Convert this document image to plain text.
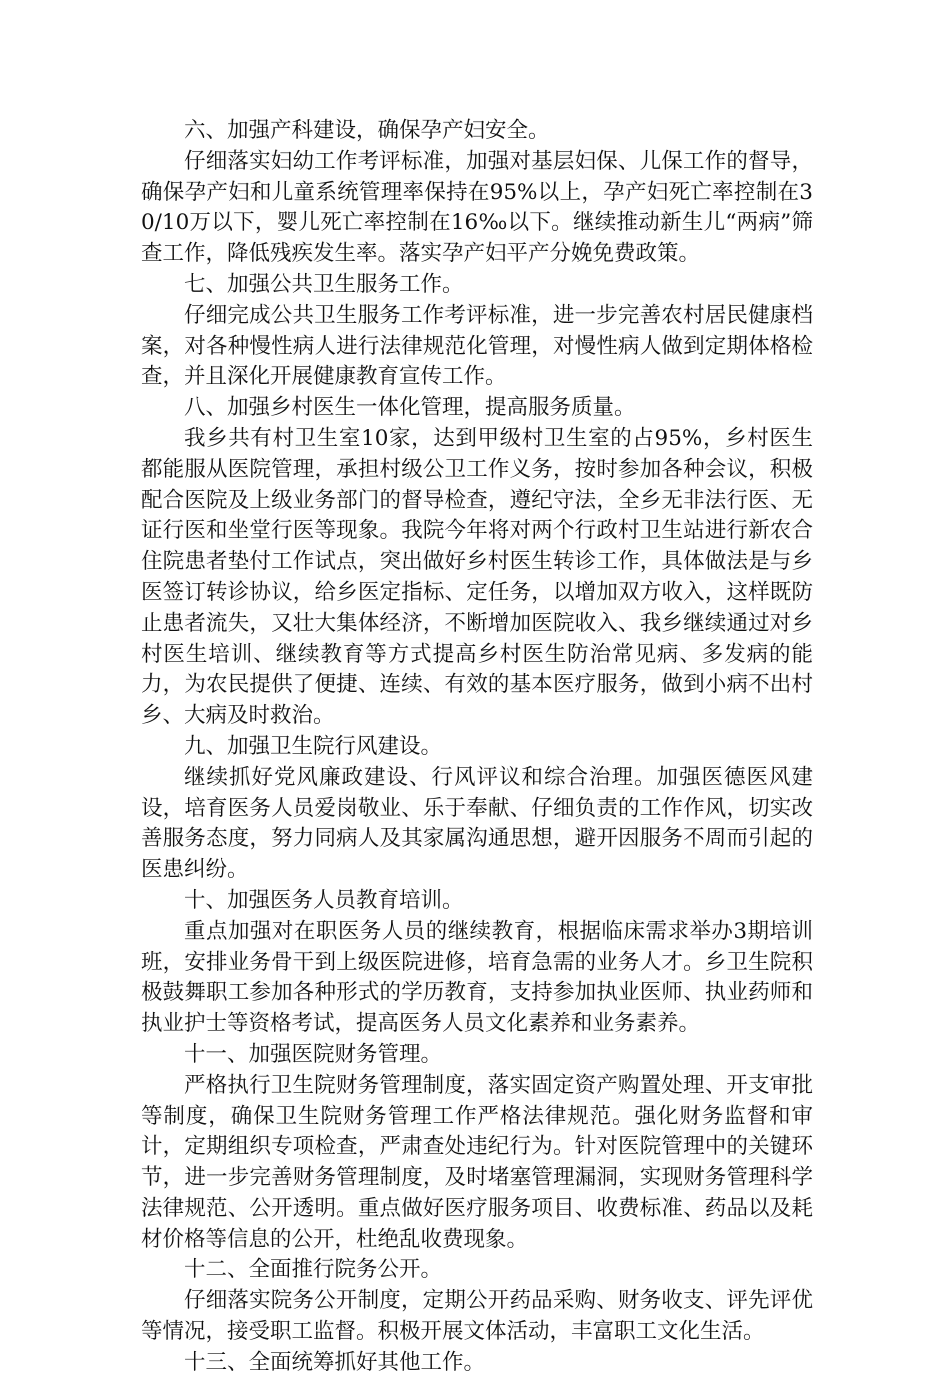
六、加强产科建设，确保孕产妇安全。

仔细落实妇幼工作考评标准，加强对基层妇保、儿保工作的督导，确保孕产妇和儿童系统管理率保持在95%以上，孕产妇死亡率控制在30/10万以下，婴儿死亡率控制在16‰以下。继续推动新生儿“两病”筛查工作，降低残疾发生率。落实孕产妇平产分娩免费政策。

七、加强公共卫生服务工作。

仔细完成公共卫生服务工作考评标准，进一步完善农村居民健康档案，对各种慢性病人进行法律规范化管理，对慢性病人做到定期体格检查，并且深化开展健康教育宣传工作。

八、加强乡村医生一体化管理，提高服务质量。

我乡共有村卫生室10家，达到甲级村卫生室的占95%，乡村医生都能服从医院管理，承担村级公卫工作义务，按时参加各种会议，积极配合医院及上级业务部门的督导检查，遵纪守法，全乡无非法行医、无证行医和坐堂行医等现象。我院今年将对两个行政村卫生站进行新农合住院患者垫付工作试点，突出做好乡村医生转诊工作，具体做法是与乡医签订转诊协议，给乡医定指标、定任务，以增加双方收入，这样既防止患者流失，又壮大集体经济，不断增加医院收入、我乡继续通过对乡村医生培训、继续教育等方式提高乡村医生防治常见病、多发病的能力，为农民提供了便捷、连续、有效的基本医疗服务，做到小病不出村乡、大病及时救治。

九、加强卫生院行风建设。

继续抓好党风廉政建设、行风评议和综合治理。加强医德医风建设，培育医务人员爱岗敬业、乐于奉献、仔细负责的工作作风，切实改善服务态度，努力同病人及其家属沟通思想，避开因服务不周而引起的医患纠纷。

十、加强医务人员教育培训。

重点加强对在职医务人员的继续教育，根据临床需求举办3期培训班，安排业务骨干到上级医院进修，培育急需的业务人才。乡卫生院积极鼓舞职工参加各种形式的学历教育，支持参加执业医师、执业药师和执业护士等资格考试，提高医务人员文化素养和业务素养。

十一、加强医院财务管理。

严格执行卫生院财务管理制度，落实固定资产购置处理、开支审批等制度，确保卫生院财务管理工作严格法律规范。强化财务监督和审计，定期组织专项检查，严肃查处违纪行为。针对医院管理中的关键环节，进一步完善财务管理制度，及时堵塞管理漏洞，实现财务管理科学法律规范、公开透明。重点做好医疗服务项目、收费标准、药品以及耗材价格等信息的公开，杜绝乱收费现象。

十二、全面推行院务公开。

仔细落实院务公开制度，定期公开药品采购、财务收支、评先评优等情况，接受职工监督。积极开展文体活动，丰富职工文化生活。

十三、全面统筹抓好其他工作。
